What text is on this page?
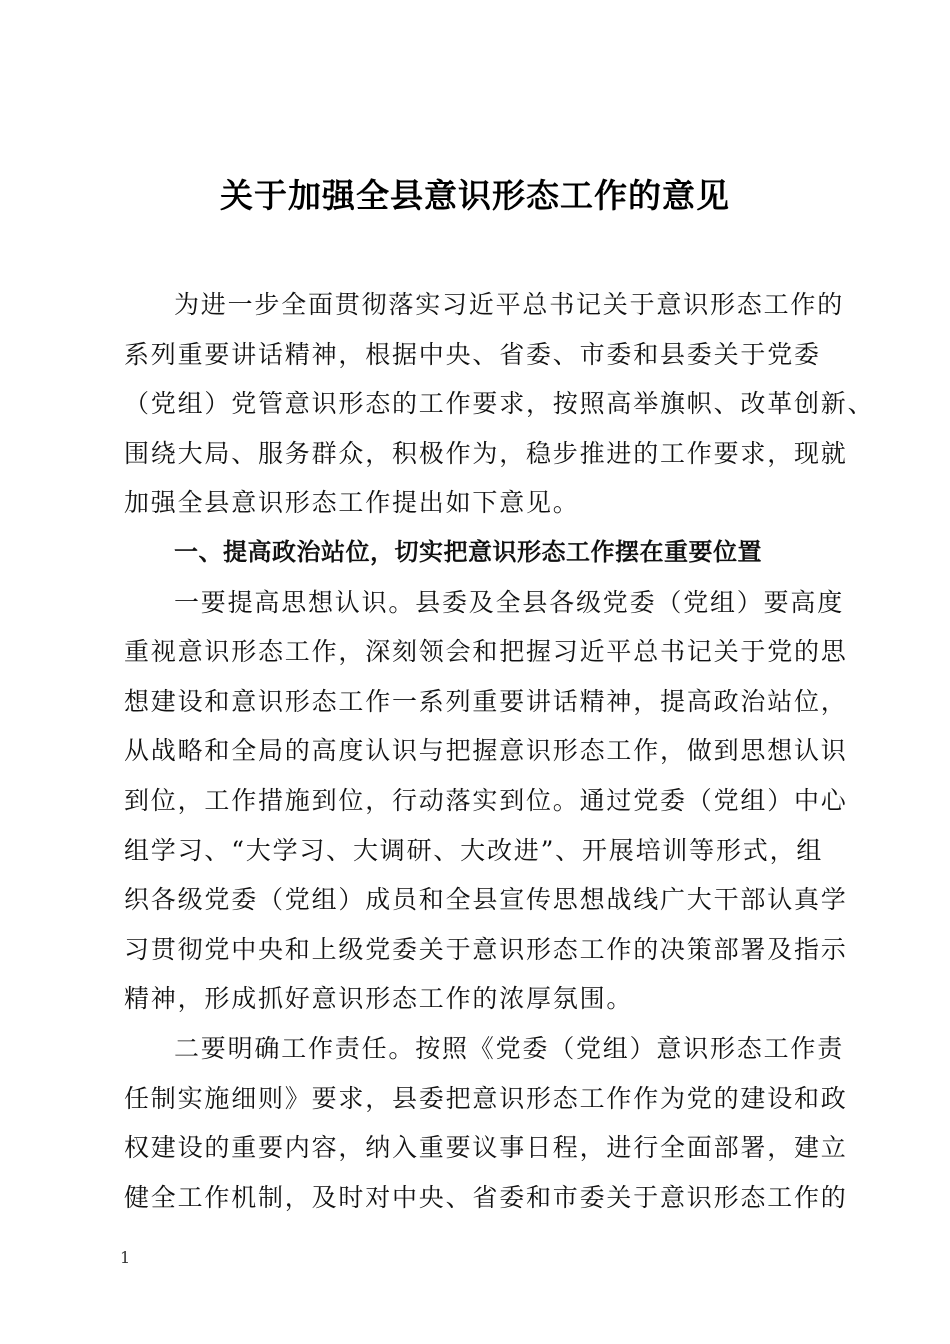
关于加强全县意识形态工作的意见
为进一步全面贯彻落实习近平总书记关于意识形态工作的
系列重要讲话精神，根据中央、省委、市委和县委关于党委
（党组）党管意识形态的工作要求，按照高举旗帜、改革创新、
围绕大局、服务群众，积极作为，稳步推进的工作要求，现就
加强全县意识形态工作提出如下意见。
一、提高政治站位，切实把意识形态工作摆在重要位置
一要提高思想认识。县委及全县各级党委（党组）要高度
重视意识形态工作，深刻领会和把握习近平总书记关于党的思
想建设和意识形态工作一系列重要讲话精神，提高政治站位，
从战略和全局的高度认识与把握意识形态工作，做到思想认识
到位，工作措施到位，行动落实到位。通过党委（党组）中心
组学习、“大学习、大调研、大改进”、开展培训等形式，组
织各级党委（党组）成员和全县宣传思想战线广大干部认真学
习贯彻党中央和上级党委关于意识形态工作的决策部署及指示
精神，形成抓好意识形态工作的浓厚氛围。
二要明确工作责任。按照《党委（党组）意识形态工作责
任制实施细则》要求，县委把意识形态工作作为党的建设和政
权建设的重要内容，纳入重要议事日程，进行全面部署，建立
健全工作机制，及时对中央、省委和市委关于意识形态工作的
1
